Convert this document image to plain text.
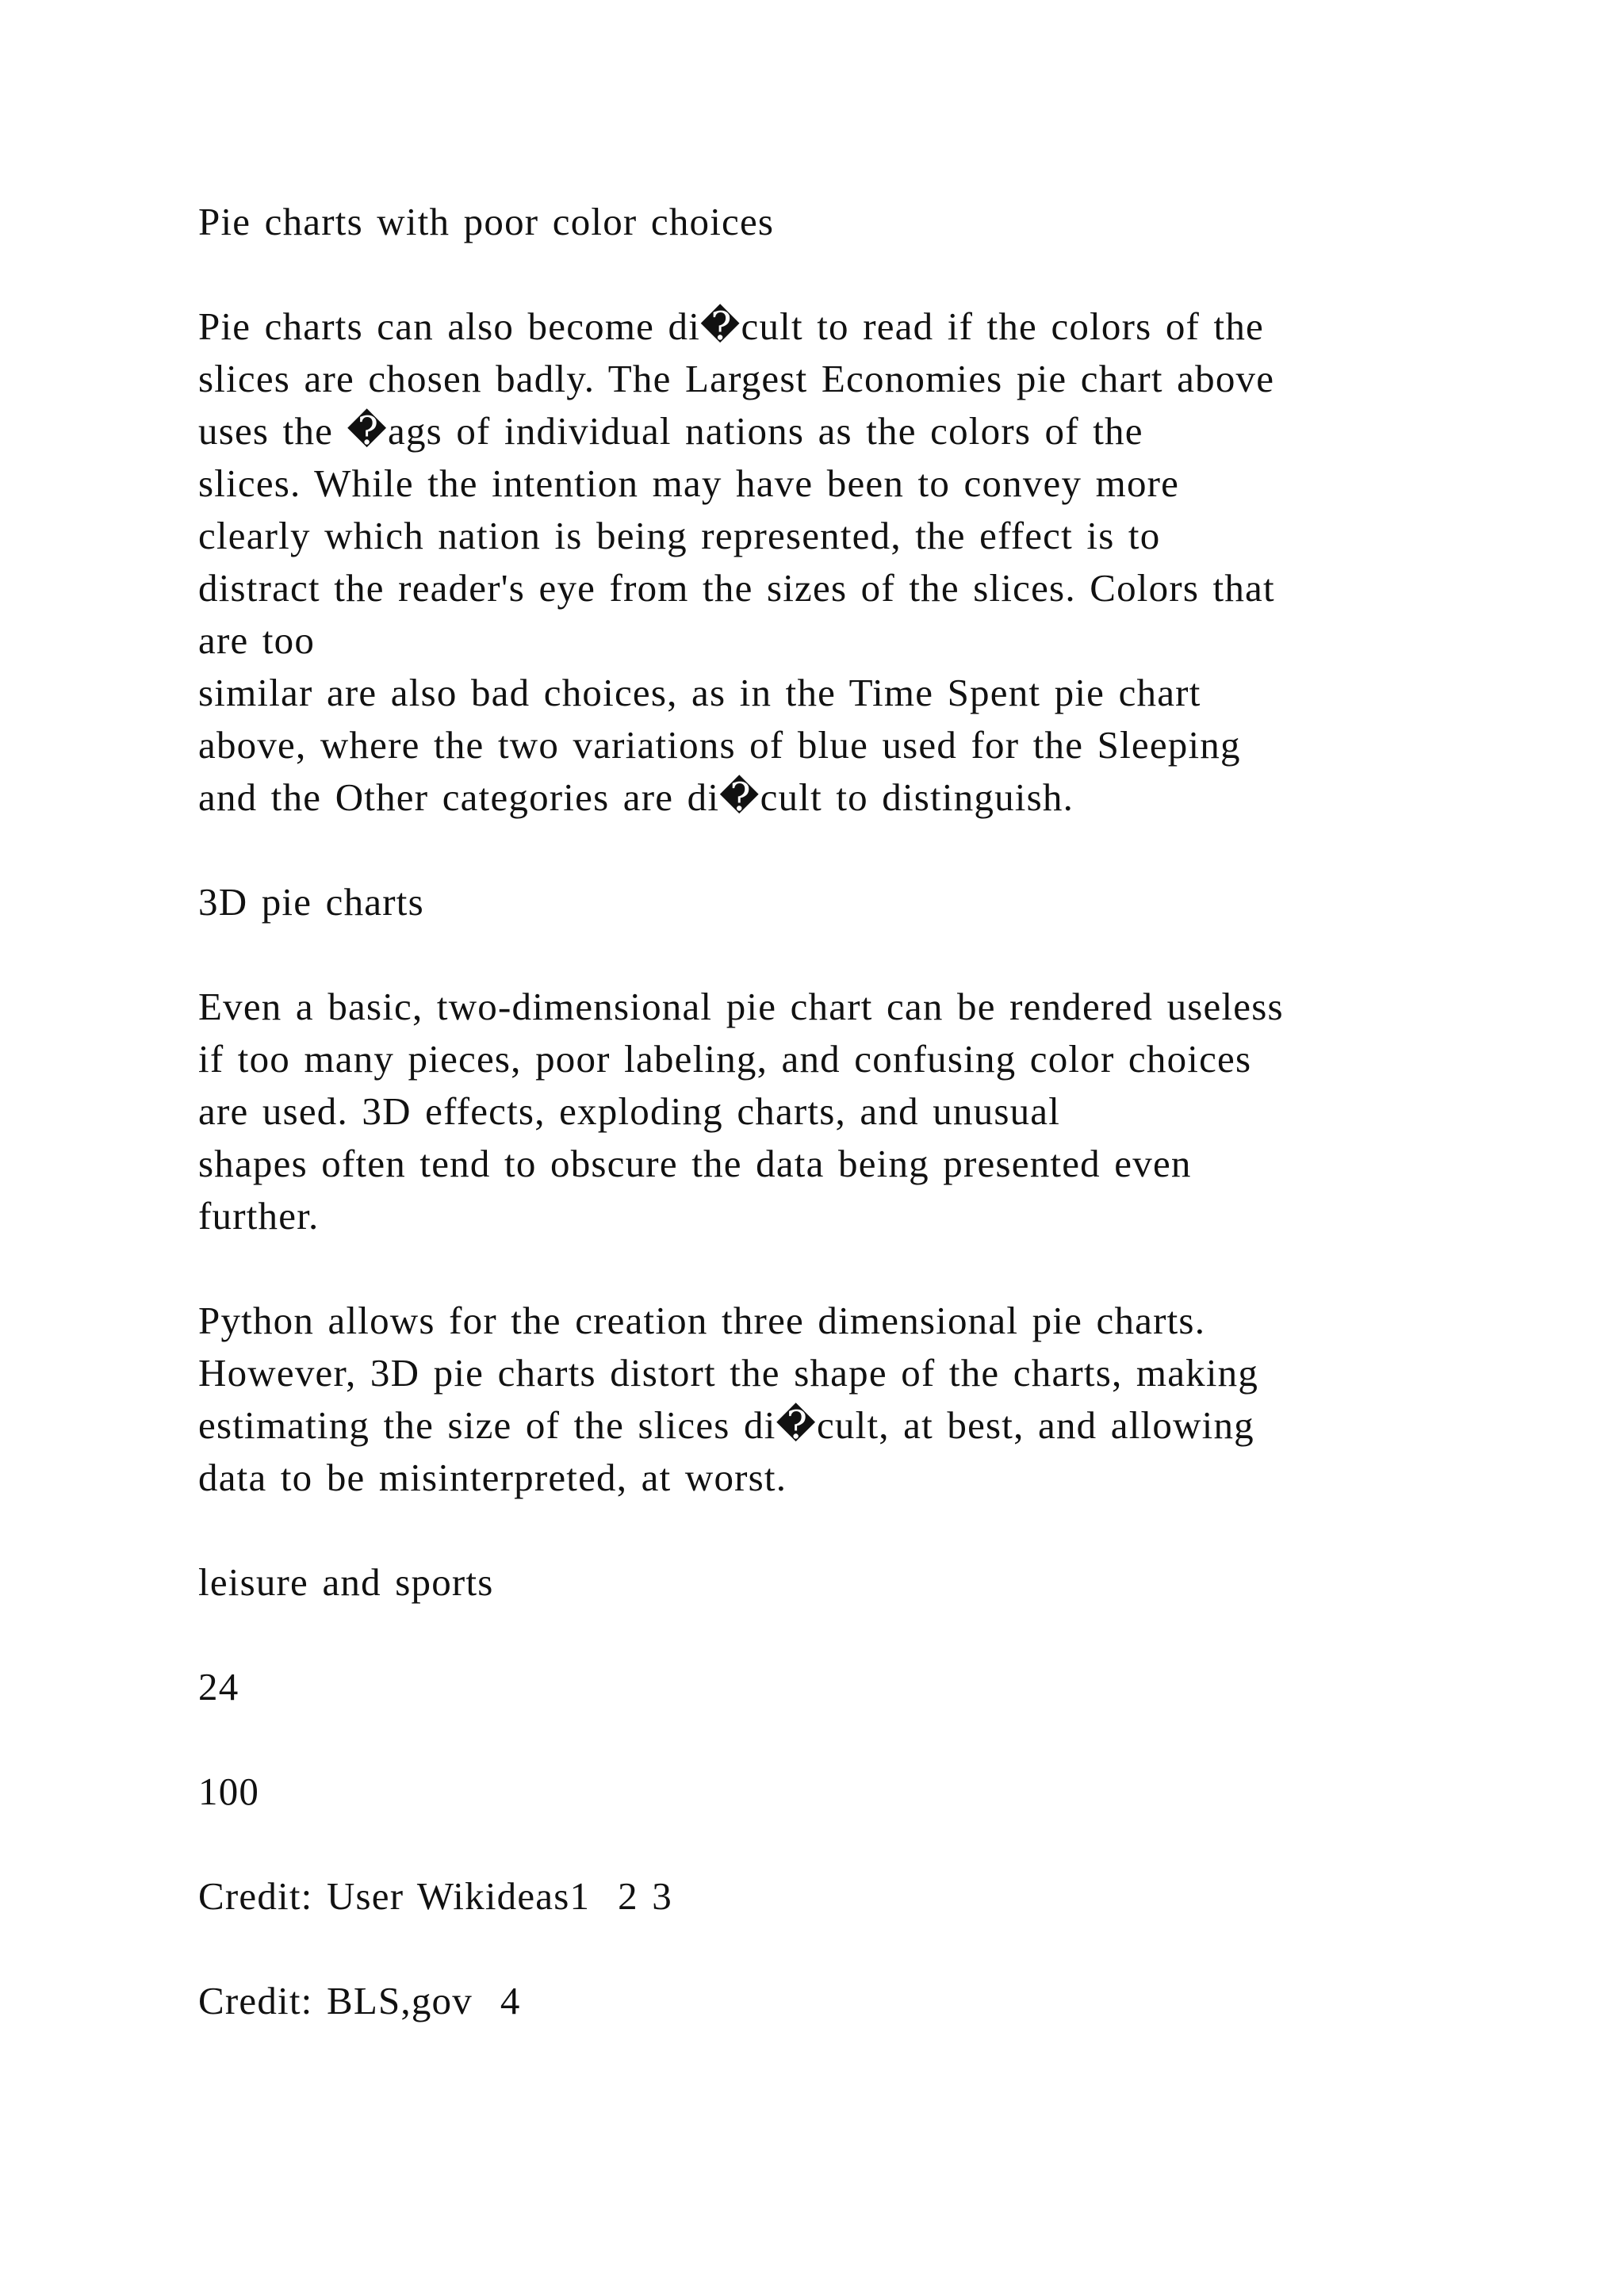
Pie charts with poor color choices
Pie charts can also become di�cult to read if the colors of the
slices are chosen badly. The Largest Economies pie chart above
uses the �ags of individual nations as the colors of the
slices. While the intention may have been to convey more
clearly which nation is being represented, the effect is to
distract the reader's eye from the sizes of the slices. Colors that
are too
similar are also bad choices, as in the Time Spent pie chart
above, where the two variations of blue used for the Sleeping
and the Other categories are di�cult to distinguish.
3D pie charts
Even a basic, two-dimensional pie chart can be rendered useless
if too many pieces, poor labeling, and confusing color choices
are used. 3D effects, exploding charts, and unusual
shapes often tend to obscure the data being presented even
further.
Python allows for the creation three dimensional pie charts.
However, 3D pie charts distort the shape of the charts, making
estimating the size of the slices di�cult, at best, and allowing
data to be misinterpreted, at worst.
leisure and sports
24
100
Credit: User Wikideas1  2 3
Credit: BLS,gov  4
